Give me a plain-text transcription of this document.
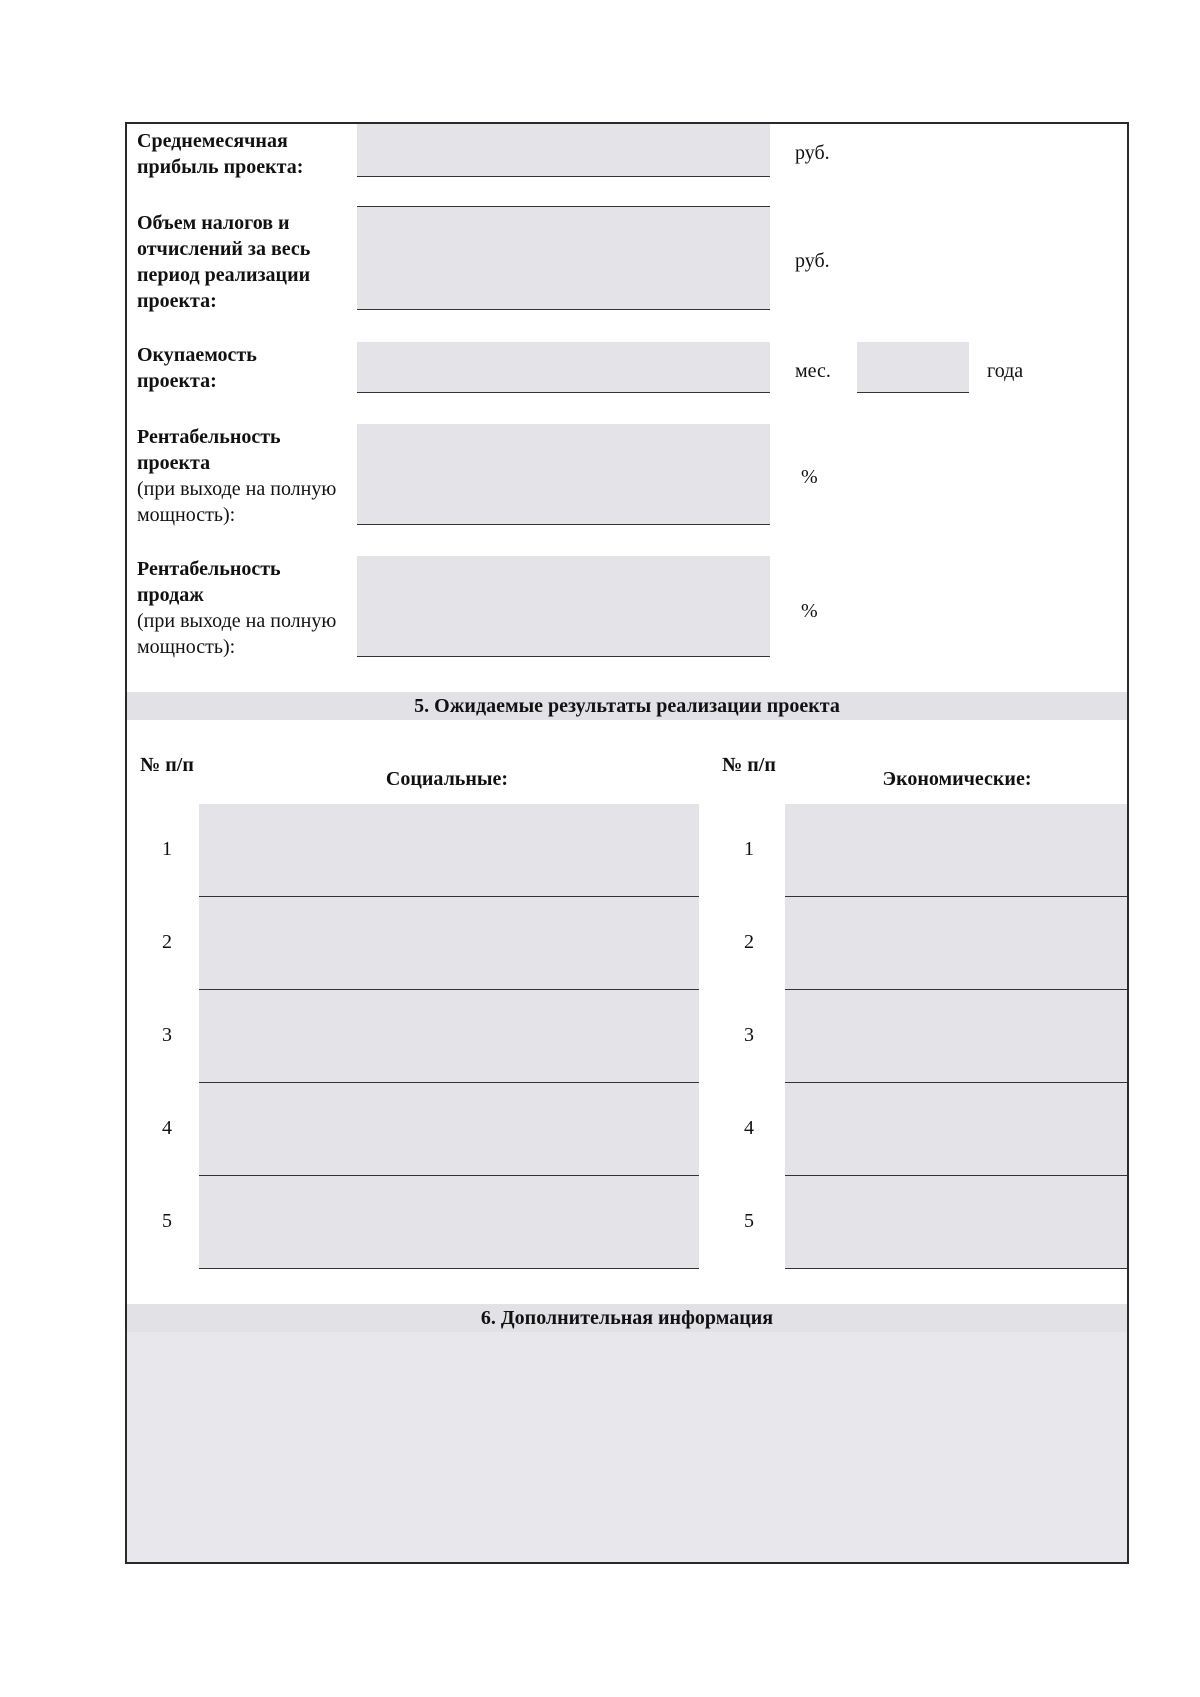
Среднемесячная прибыль проекта:
руб.
Объем налогов и отчислений за весь период реализации проекта:
руб.
Окупаемость проекта:	мес.	года
Рентабельность проекта
(при выходе на полную мощность):
%
Рентабельность продаж
(при выходе на полную мощность):
%
5. Ожидаемые результаты реализации проекта
№ п/п
Социальные:
№ п/п
Экономические:
1
2
3
4
5
1
2
3
4
5
6. Дополнительная информация
